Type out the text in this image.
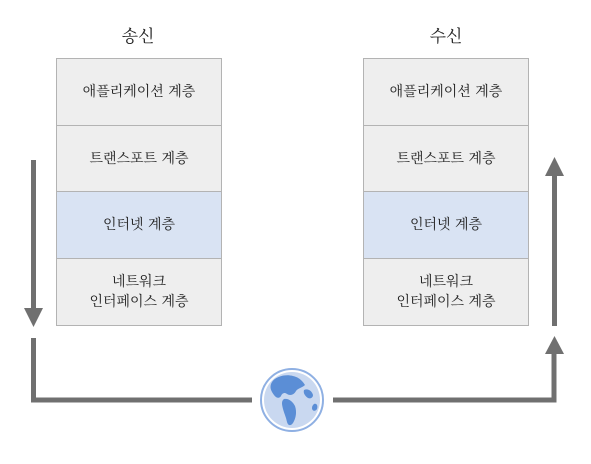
송신	수신
애플리케이션 계층
트랜스포트 계층
인터넷 계층
네트워크
인터페이스 계층
애플리케이션 계층
트랜스포트 계층
인터넷 계층
네트워크
인터페이스 계층
